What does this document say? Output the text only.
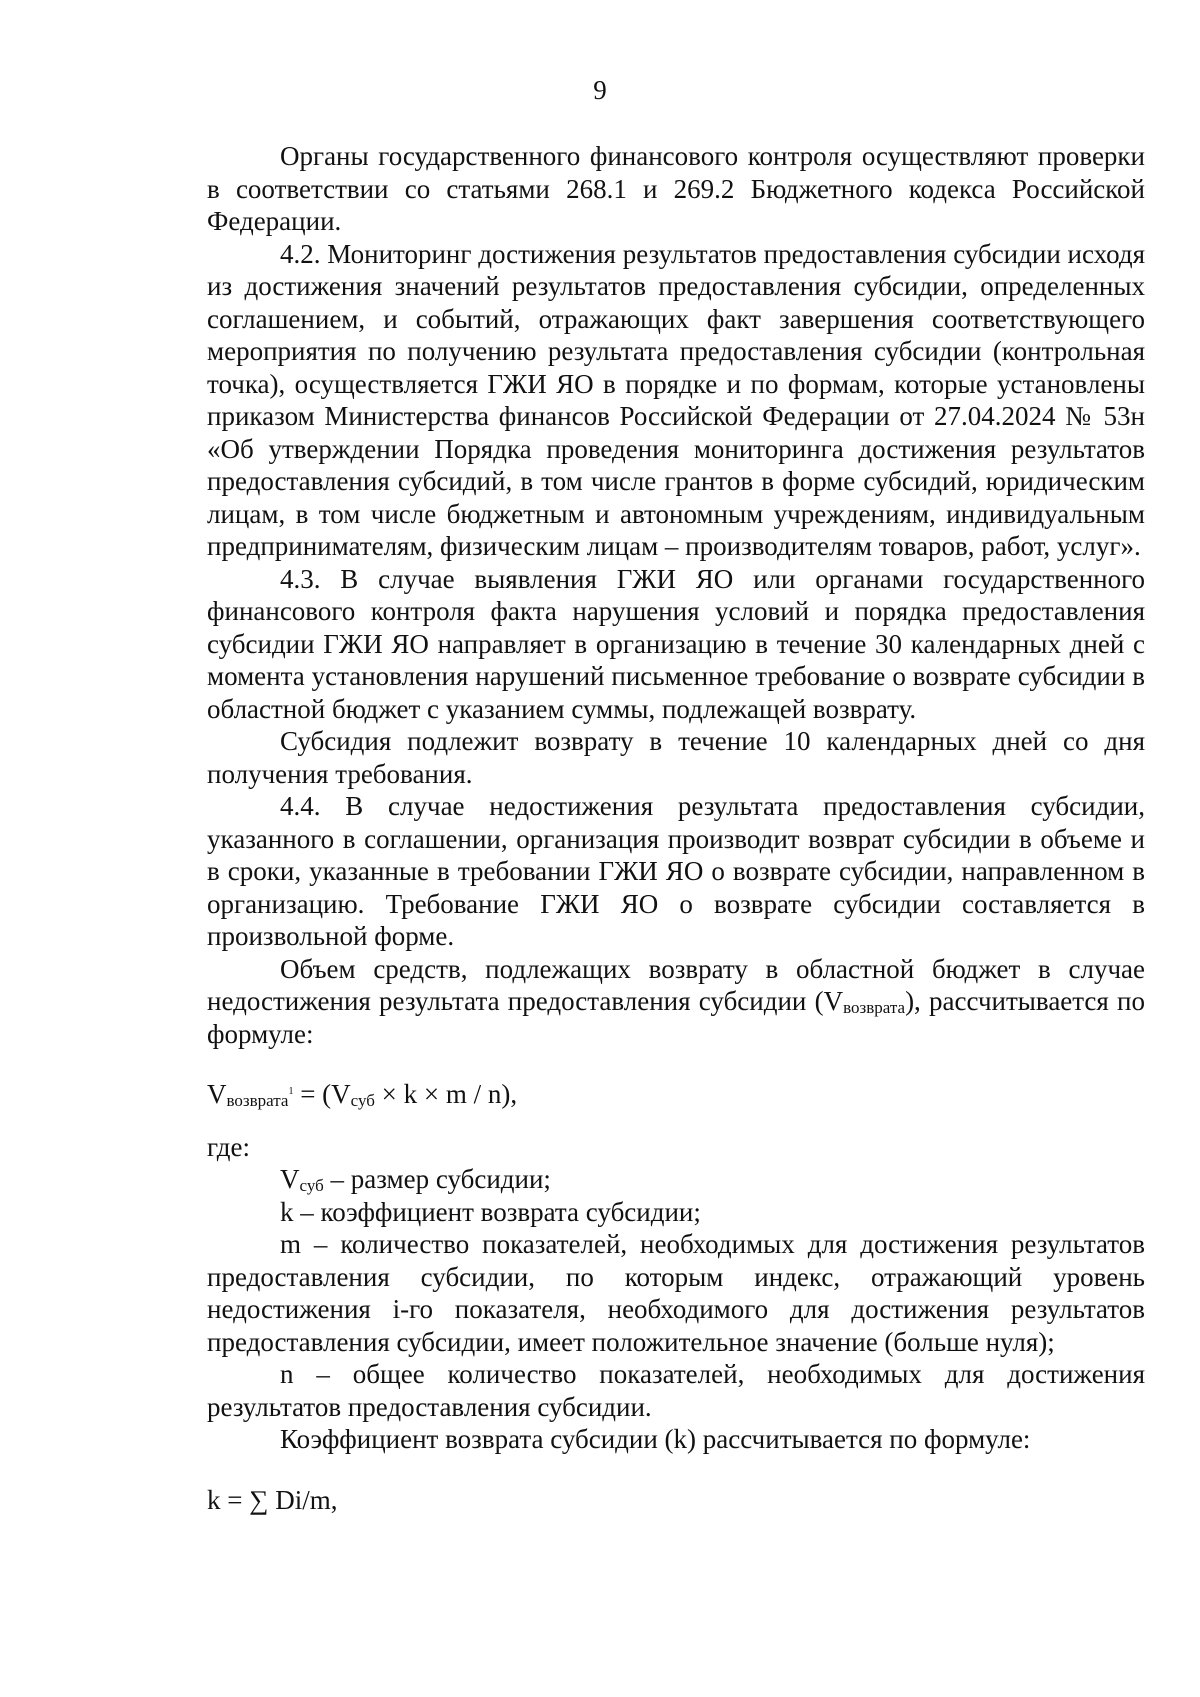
9

Органы государственного финансового контроля осуществляют проверки в соответствии со статьями 268.1 и 269.2 Бюджетного кодекса Российской Федерации.

4.2. Мониторинг достижения результатов предоставления субсидии исходя из достижения значений результатов предоставления субсидии, определенных соглашением, и событий, отражающих факт завершения соответствующего мероприятия по получению результата предоставления субсидии (контрольная точка), осуществляется ГЖИ ЯО в порядке и по формам, которые установлены приказом Министерства финансов Российской Федерации от 27.04.2024 № 53н «Об утверждении Порядка проведения мониторинга достижения результатов предоставления субсидий, в том числе грантов в форме субсидий, юридическим лицам, в том числе бюджетным и автономным учреждениям, индивидуальным предпринимателям, физическим лицам – производителям товаров, работ, услуг».

4.3. В случае выявления ГЖИ ЯО или органами государственного финансового контроля факта нарушения условий и порядка предоставления субсидии ГЖИ ЯО направляет в организацию в течение 30 календарных дней с момента установления нарушений письменное требование о возврате субсидии в областной бюджет с указанием суммы, подлежащей возврату.

Субсидия подлежит возврату в течение 10 календарных дней со дня получения требования.

4.4. В случае недостижения результата предоставления субсидии, указанного в соглашении, организация производит возврат субсидии в объеме и в сроки, указанные в требовании ГЖИ ЯО о возврате субсидии, направленном в организацию. Требование ГЖИ ЯО о возврате субсидии составляется в произвольной форме.

Объем средств, подлежащих возврату в областной бюджет в случае недостижения результата предоставления субсидии $(V_{возврата})$, рассчитывается по формуле:

$V_{возврата}^1 = (V_{суб} \times k \times m / n)$,

где:

$V_{суб}$ – размер субсидии;

k – коэффициент возврата субсидии;

m – количество показателей, необходимых для достижения результатов предоставления субсидии, по которым индекс, отражающий уровень недостижения i-го показателя, необходимого для достижения результатов предоставления субсидии, имеет положительное значение (больше нуля);

n – общее количество показателей, необходимых для достижения результатов предоставления субсидии.

Коэффициент возврата субсидии (k) рассчитывается по формуле:

k = ∑ Di/m,
